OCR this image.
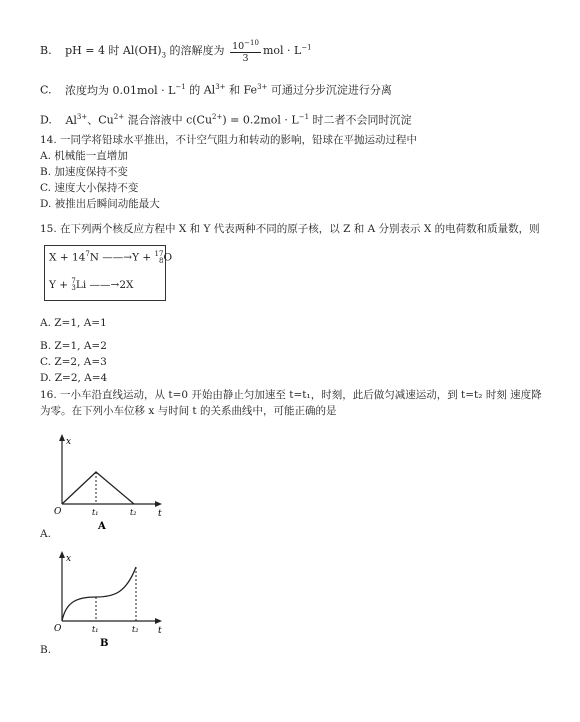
B. pH = 4 时 $Al(OH)_3$ 的溶解度为 $\frac{10^{-10}}{3}$ mol · $L^{-1}$
C. 浓度均为 $0.01mol \cdot L^{-1}$ 的 $Al^{3+}$ 和 $Fe^{3+}$ 可通过分步沉淀进行分离
D. $Al^{3+}$、$Cu^{2+}$ 混合溶液中 $c(Cu^{2+}) = 0.2mol \cdot L^{-1}$ 时二者不会同时沉淀
14. 一同学将铅球水平推出，不计空气阻力和转动的影响，铅球在平抛运动过程中
A. 机械能一直增加
B. 加速度保持不变
C. 速度大小保持不变
D. 被推出后瞬间动能最大
15. 在下列两个核反应方程中 X 和 Y 代表两种不同的原子核，以 Z 和 A 分别表示 X 的电荷数和质量数，则
$X + 14^7N$ ——→Y + 17
8 O
Y + 7
3 Li ——→2X
A. Z=1, A=1
B. Z=1, A=2
C. Z=2, A=3
D. Z=2, A=4
16. 一小车沿直线运动，从 t=0 开始由静止匀加速至 t=t₁，时刻，此后做匀减速运动，到 t=t₂ 时刻 速度降
为零。在下列小车位移 x 与时间 t 的关系曲线中，可能正确的是
x
O	t₁	t₂ t
A
A.
x
O	t₁	t₂ t
B
B.
